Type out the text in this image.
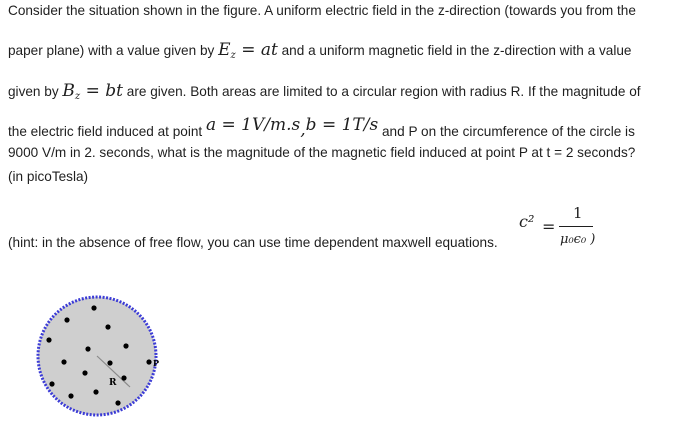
Consider the situation shown in the figure. A uniform electric field in the z-direction (towards you from the
paper plane) with a value given by $E_z$ = at and a uniform magnetic field in the z-direction with a value
given by $B_z$ = bt are given. Both areas are limited to a circular region with radius R. If the magnitude of
the electric field induced at point a = 1V/m.s,b = 1T/s and P on the circumference of the circle is
9000 V/m in 2. seconds, what is the magnitude of the magnetic field induced at point P at t = 2 seconds?
(in picoTesla)
(hint: in the absence of free flow, you can use time dependent maxwell equations.
c² =
1
μ₀ϵ₀ )
R
P
